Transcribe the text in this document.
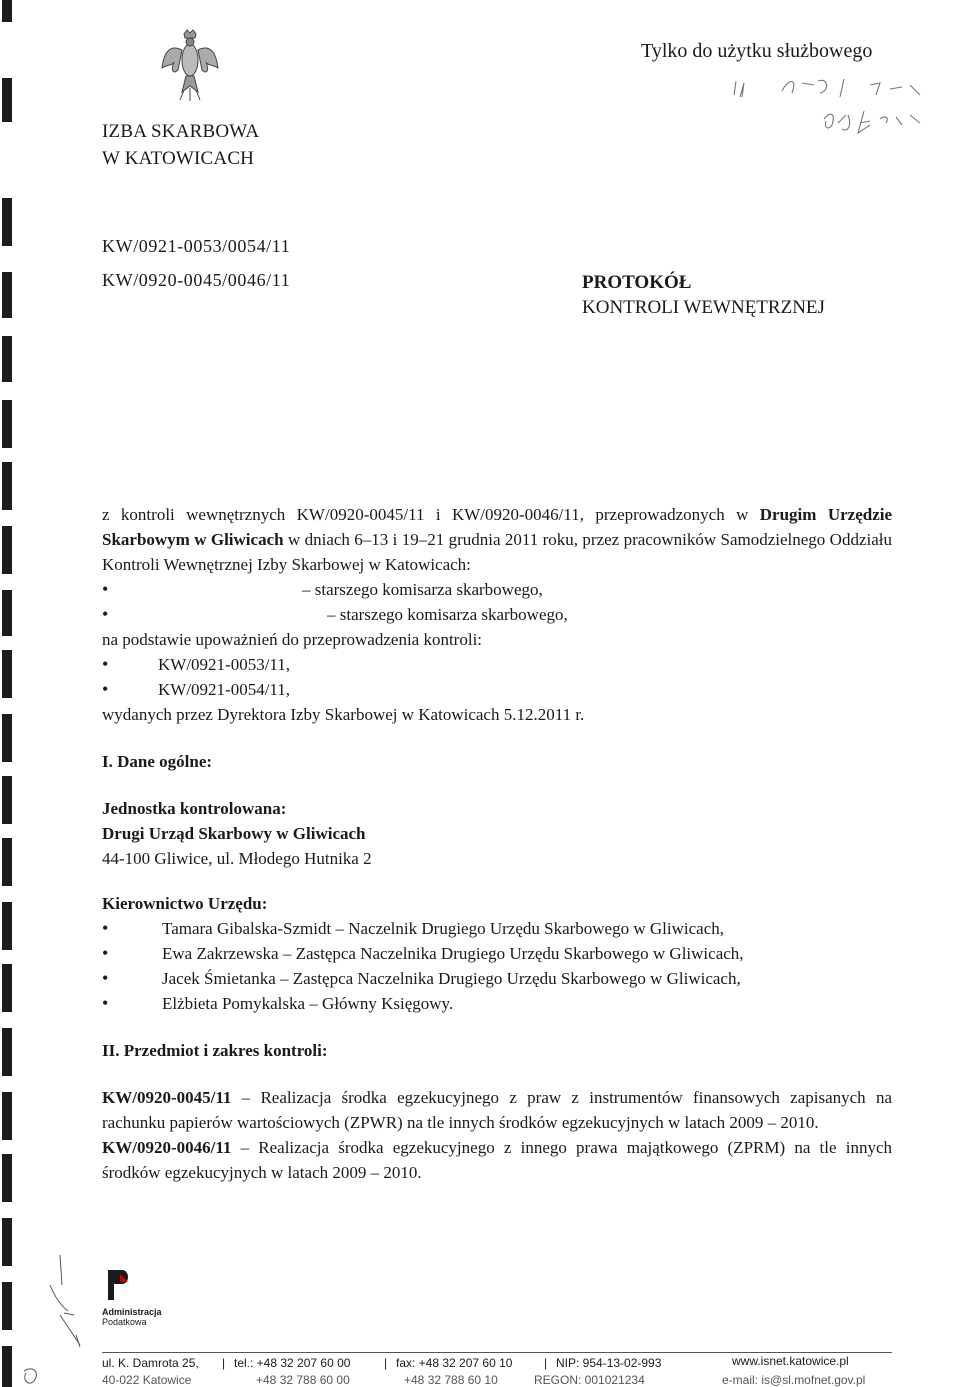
IZBA SKARBOWA
W KATOWICACH
Tylko do użytku służbowego
PO2 4
KW/0921-0053/0054/11
KW/0920-0045/0046/11	PROTOKÓŁ
KONTROLI WEWNĘTRZNEJ
z kontroli wewnętrznych KW/0920-0045/11 i KW/0920-0046/11, przeprowadzonych w Drugim Urzędzie Skarbowym w Gliwicach w dniach 6–13 i 19–21 grudnia 2011 roku, przez pracowników Samodzielnego Oddziału Kontroli Wewnętrznej Izby Skarbowej w Katowicach:
• – starszego komisarza skarbowego,
• – starszego komisarza skarbowego,
na podstawie upoważnień do przeprowadzenia kontroli:
• KW/0921-0053/11,
• KW/0921-0054/11,
wydanych przez Dyrektora Izby Skarbowej w Katowicach 5.12.2011 r.
I. Dane ogólne:
Jednostka kontrolowana:
Drugi Urząd Skarbowy w Gliwicach
44-100 Gliwice, ul. Młodego Hutnika 2
Kierownictwo Urzędu:
• Tamara Gibalska-Szmidt – Naczelnik Drugiego Urzędu Skarbowego w Gliwicach,
• Ewa Zakrzewska – Zastępca Naczelnika Drugiego Urzędu Skarbowego w Gliwicach,
• Jacek Śmietanka – Zastępca Naczelnika Drugiego Urzędu Skarbowego w Gliwicach,
• Elżbieta Pomykalska – Główny Księgowy.
II. Przedmiot i zakres kontroli:
KW/0920-0045/11 – Realizacja środka egzekucyjnego z praw z instrumentów finansowych zapisanych na rachunku papierów wartościowych (ZPWR) na tle innych środków egzekucyjnych w latach 2009 – 2010.
KW/0920-0046/11 – Realizacja środka egzekucyjnego z innego prawa majątkowego (ZPRM) na tle innych środków egzekucyjnych w latach 2009 – 2010.
Administracja
Podatkowa
ul. K. Damrota 25, | tel.: +48 32 207 60 00	| fax: +48 32 207 60 10	| NIP: 954-13-02-993	www.isnet.katowice.pl
40-022 Katowice	+48 32 788 60 00	+48 32 788 60 10	REGON: 001021234	e-mail: is@sl.mofnet.gov.pl
